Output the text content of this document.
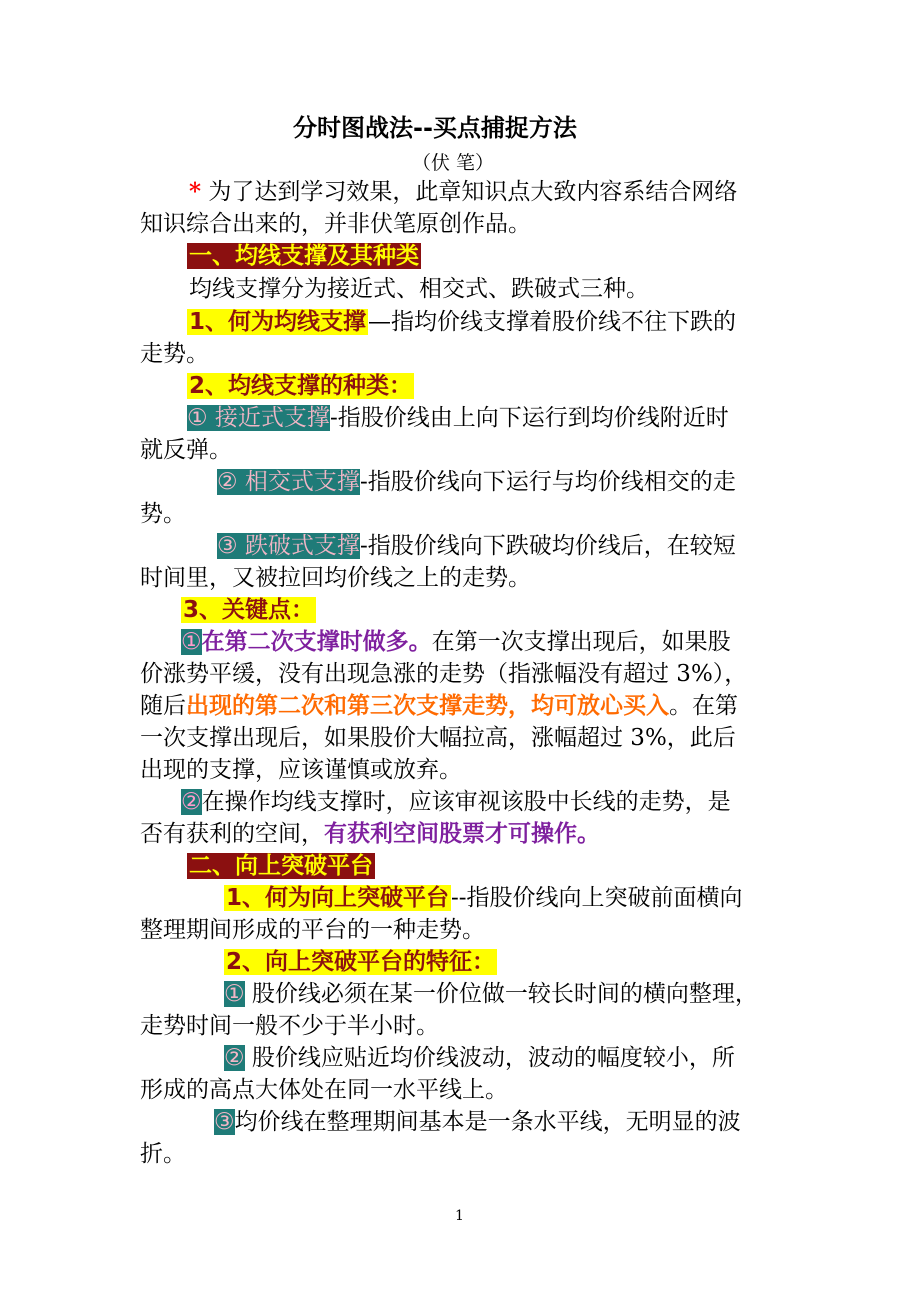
分时图战法--买点捕捉方法
（伏 笔）
* 为了达到学习效果，此章知识点大致内容系结合网络
知识综合出来的，并非伏笔原创作品。
一、均线支撑及其种类
均线支撑分为接近式、相交式、跌破式三种。
1、何为均线支撑—指均价线支撑着股价线不往下跌的
走势。
2、均线支撑的种类：
① 接近式支撑-指股价线由上向下运行到均价线附近时
就反弹。
② 相交式支撑-指股价线向下运行与均价线相交的走
势。
③ 跌破式支撑-指股价线向下跌破均价线后，在较短
时间里，又被拉回均价线之上的走势。
3、关键点：
①在第二次支撑时做多。在第一次支撑出现后，如果股
价涨势平缓，没有出现急涨的走势（指涨幅没有超过 3%），
随后出现的第二次和第三次支撑走势，均可放心买入。在第
一次支撑出现后，如果股价大幅拉高，涨幅超过 3%，此后
出现的支撑，应该谨慎或放弃。
②在操作均线支撑时，应该审视该股中长线的走势，是
否有获利的空间，有获利空间股票才可操作。
二、向上突破平台
1、何为向上突破平台--指股价线向上突破前面横向
整理期间形成的平台的一种走势。
2、向上突破平台的特征：
① 股价线必须在某一价位做一较长时间的横向整理，
走势时间一般不少于半小时。
② 股价线应贴近均价线波动，波动的幅度较小，所
形成的高点大体处在同一水平线上。
③均价线在整理期间基本是一条水平线，无明显的波
折。
1
